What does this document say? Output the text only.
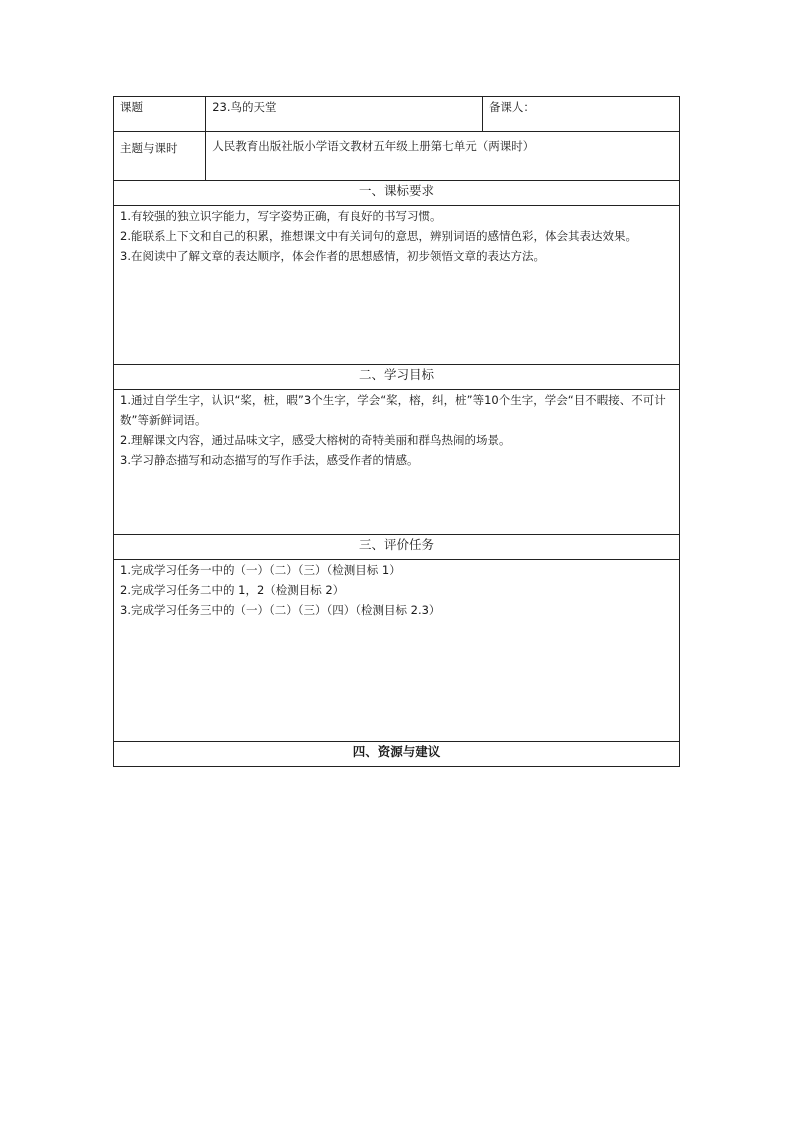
课题	23.鸟的天堂	备课人：
主题与课时	人民教育出版社版小学语文教材五年级上册第七单元（两课时）	
一、课标要求		

1.有较强的独立识字能力，写字姿势正确，有良好的书写习惯。
2.能联系上下文和自己的积累，推想课文中有关词句的意思，辨别词语的感情色彩，体会其表达效果。
3.在阅读中了解文章的表达顺序，体会作者的思想感情，初步领悟文章的表达方法。		

二、学习目标		

1.通过自学生字，认识“桨，桩，暇”3个生字，学会“桨，榕，纠，桩”等10个生字，学会“目不暇接、不可计数”等新鲜词语。
2.理解课文内容，通过品味文字，感受大榕树的奇特美丽和群鸟热闹的场景。
3.学习静态描写和动态描写的写作手法，感受作者的情感。		

三、评价任务		

1.完成学习任务一中的（一）（二）（三）（检测目标 1）
2.完成学习任务二中的 1，2（检测目标 2）
3.完成学习任务三中的（一）（二）（三）（四）（检测目标 2.3）		

四、资源与建议		
